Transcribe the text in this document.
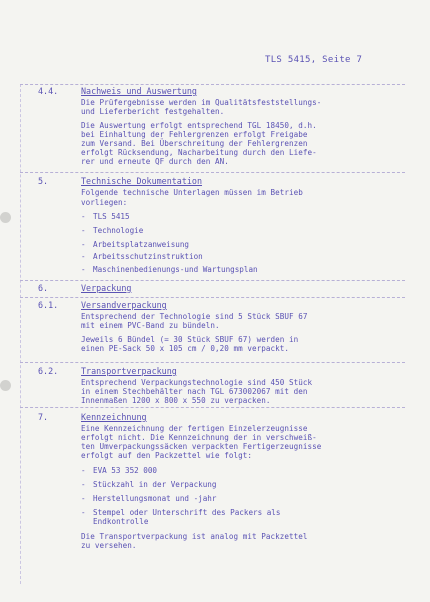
TLS 5415, Seite 7
4.4.	Nachweis und Auswertung
Die Prüfergebnisse werden im Qualitätsfeststellungs-
und Lieferbericht festgehalten.
Die Auswertung erfolgt entsprechend TGL 18450, d.h.
bei Einhaltung der Fehlergrenzen erfolgt Freigabe
zum Versand. Bei Überschreitung der Fehlergrenzen
erfolgt Rücksendung, Nacharbeitung durch den Liefe-
rer und erneute QF durch den AN.
5.	Technische Dokumentation
Folgende technische Unterlagen müssen im Betrieb
vorliegen:
- TLS 5415
- Technologie
- Arbeitsplatzanweisung
- Arbeitsschutzinstruktion
- Maschinenbedienungs-und Wartungsplan
6.	Verpackung
6.1.	Versandverpackung
Entsprechend der Technologie sind 5 Stück SBUF 67
mit einem PVC-Band zu bündeln.
Jeweils 6 Bündel (= 30 Stück SBUF 67) werden in
einen PE-Sack 50 x 105 cm / 0,20 mm verpackt.
6.2.	Transportverpackung
Entsprechend Verpackungstechnologie sind 450 Stück
in einem Stechbehälter nach TGL 673002067 mit den
Innenmaßen 1200 x 800 x 550 zu verpacken.
7.	Kennzeichnung
Eine Kennzeichnung der fertigen Einzelerzeugnisse
erfolgt nicht. Die Kennzeichnung der in verschweiß-
ten Umverpackungssäcken verpackten Fertigerzeugnisse
erfolgt auf den Packzettel wie folgt:
- EVA 53 352 000
- Stückzahl in der Verpackung
- Herstellungsmonat und -jahr
- Stempel oder Unterschrift des Packers als
Endkontrolle
Die Transportverpackung ist analog mit Packzettel
zu versehen.
